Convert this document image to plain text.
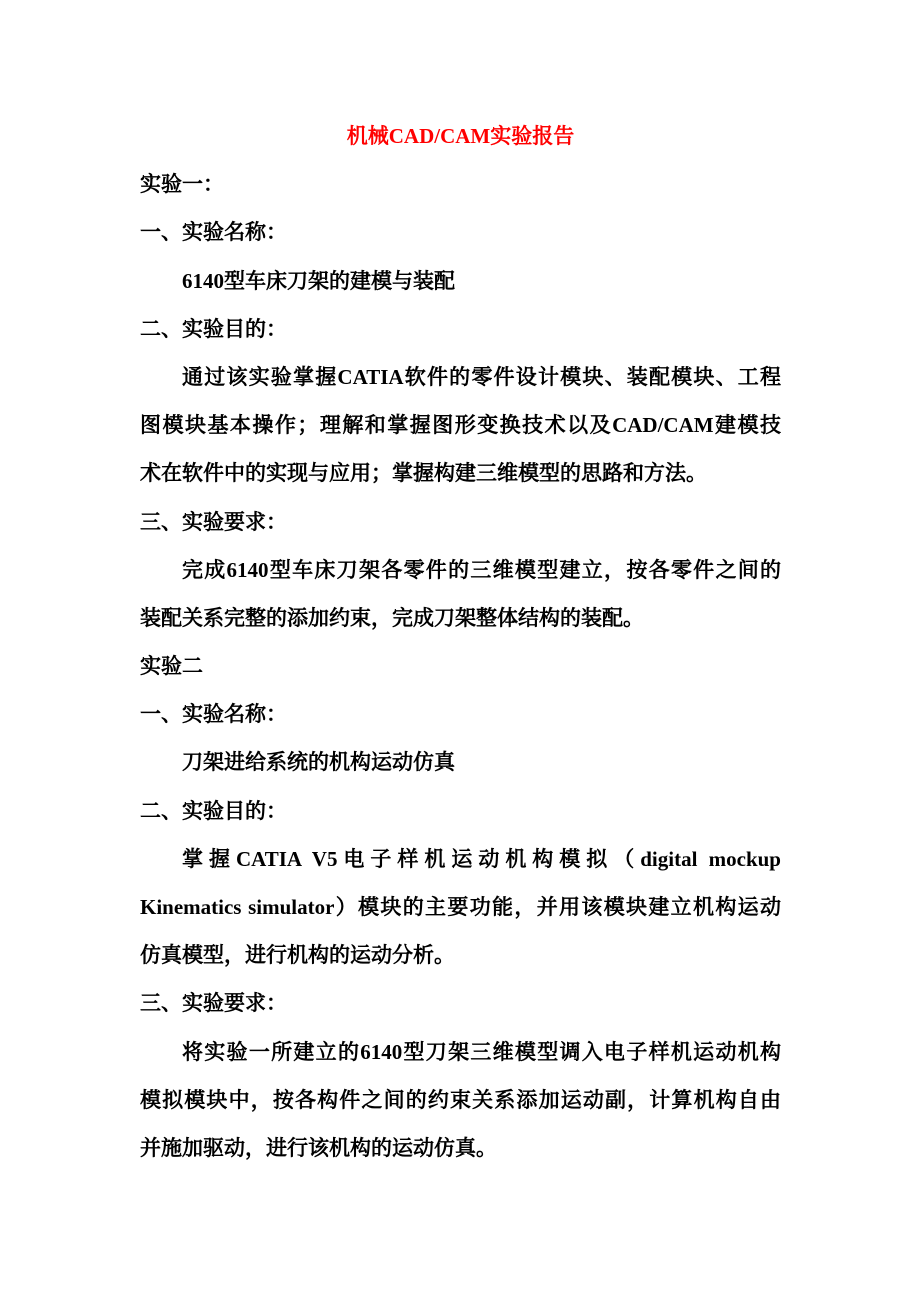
机械CAD/CAM实验报告
实验一：
一、实验名称：
6140型车床刀架的建模与装配
二、实验目的：
通过该实验掌握CATIA软件的零件设计模块、装配模块、工程
图模块基本操作；理解和掌握图形变换技术以及CAD/CAM建模技
术在软件中的实现与应用；掌握构建三维模型的思路和方法。
三、实验要求：
完成6140型车床刀架各零件的三维模型建立，按各零件之间的
装配关系完整的添加约束，完成刀架整体结构的装配。
实验二
一、实验名称：
刀架进给系统的机构运动仿真
二、实验目的：
掌握CATIA V5电子样机运动机构模拟（digital mockup
Kinematics simulator）模块的主要功能，并用该模块建立机构运动
仿真模型，进行机构的运动分析。
三、实验要求：
将实验一所建立的6140型刀架三维模型调入电子样机运动机构
模拟模块中，按各构件之间的约束关系添加运动副，计算机构自由
并施加驱动，进行该机构的运动仿真。
